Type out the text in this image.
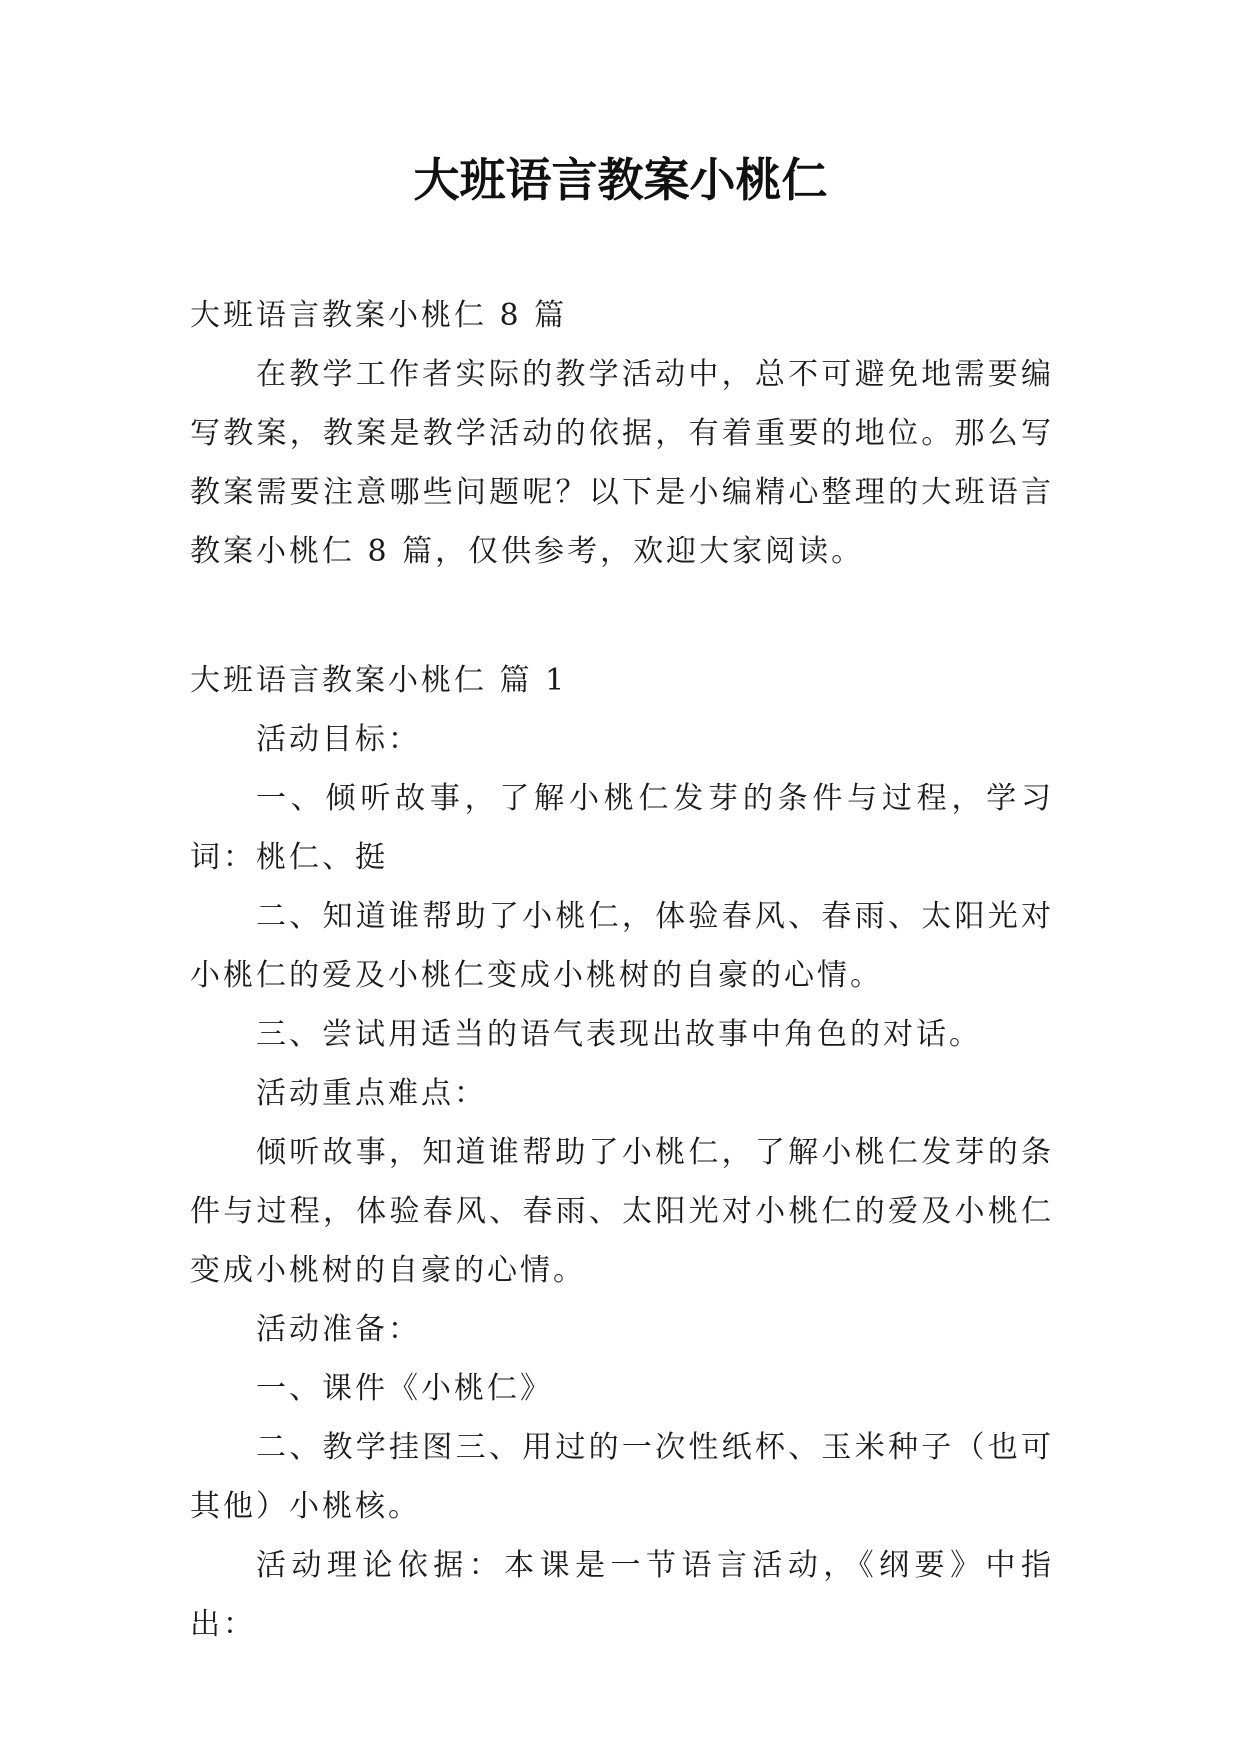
大班语言教案小桃仁

大班语言教案小桃仁 8 篇

在教学工作者实际的教学活动中，总不可避免地需要编写教案，教案是教学活动的依据，有着重要的地位。那么写教案需要注意哪些问题呢？以下是小编精心整理的大班语言教案小桃仁 8 篇，仅供参考，欢迎大家阅读。

大班语言教案小桃仁 篇 1

活动目标：

一、倾听故事，了解小桃仁发芽的条件与过程，学习词：桃仁、挺

二、知道谁帮助了小桃仁，体验春风、春雨、太阳光对小桃仁的爱及小桃仁变成小桃树的自豪的心情。

三、尝试用适当的语气表现出故事中角色的对话。

活动重点难点：

倾听故事，知道谁帮助了小桃仁，了解小桃仁发芽的条件与过程，体验春风、春雨、太阳光对小桃仁的爱及小桃仁变成小桃树的自豪的心情。

活动准备：

一、课件《小桃仁》

二、教学挂图三、用过的一次性纸杯、玉米种子（也可其他）小桃核。

活动理论依据：本课是一节语言活动，《纲要》中指出：
